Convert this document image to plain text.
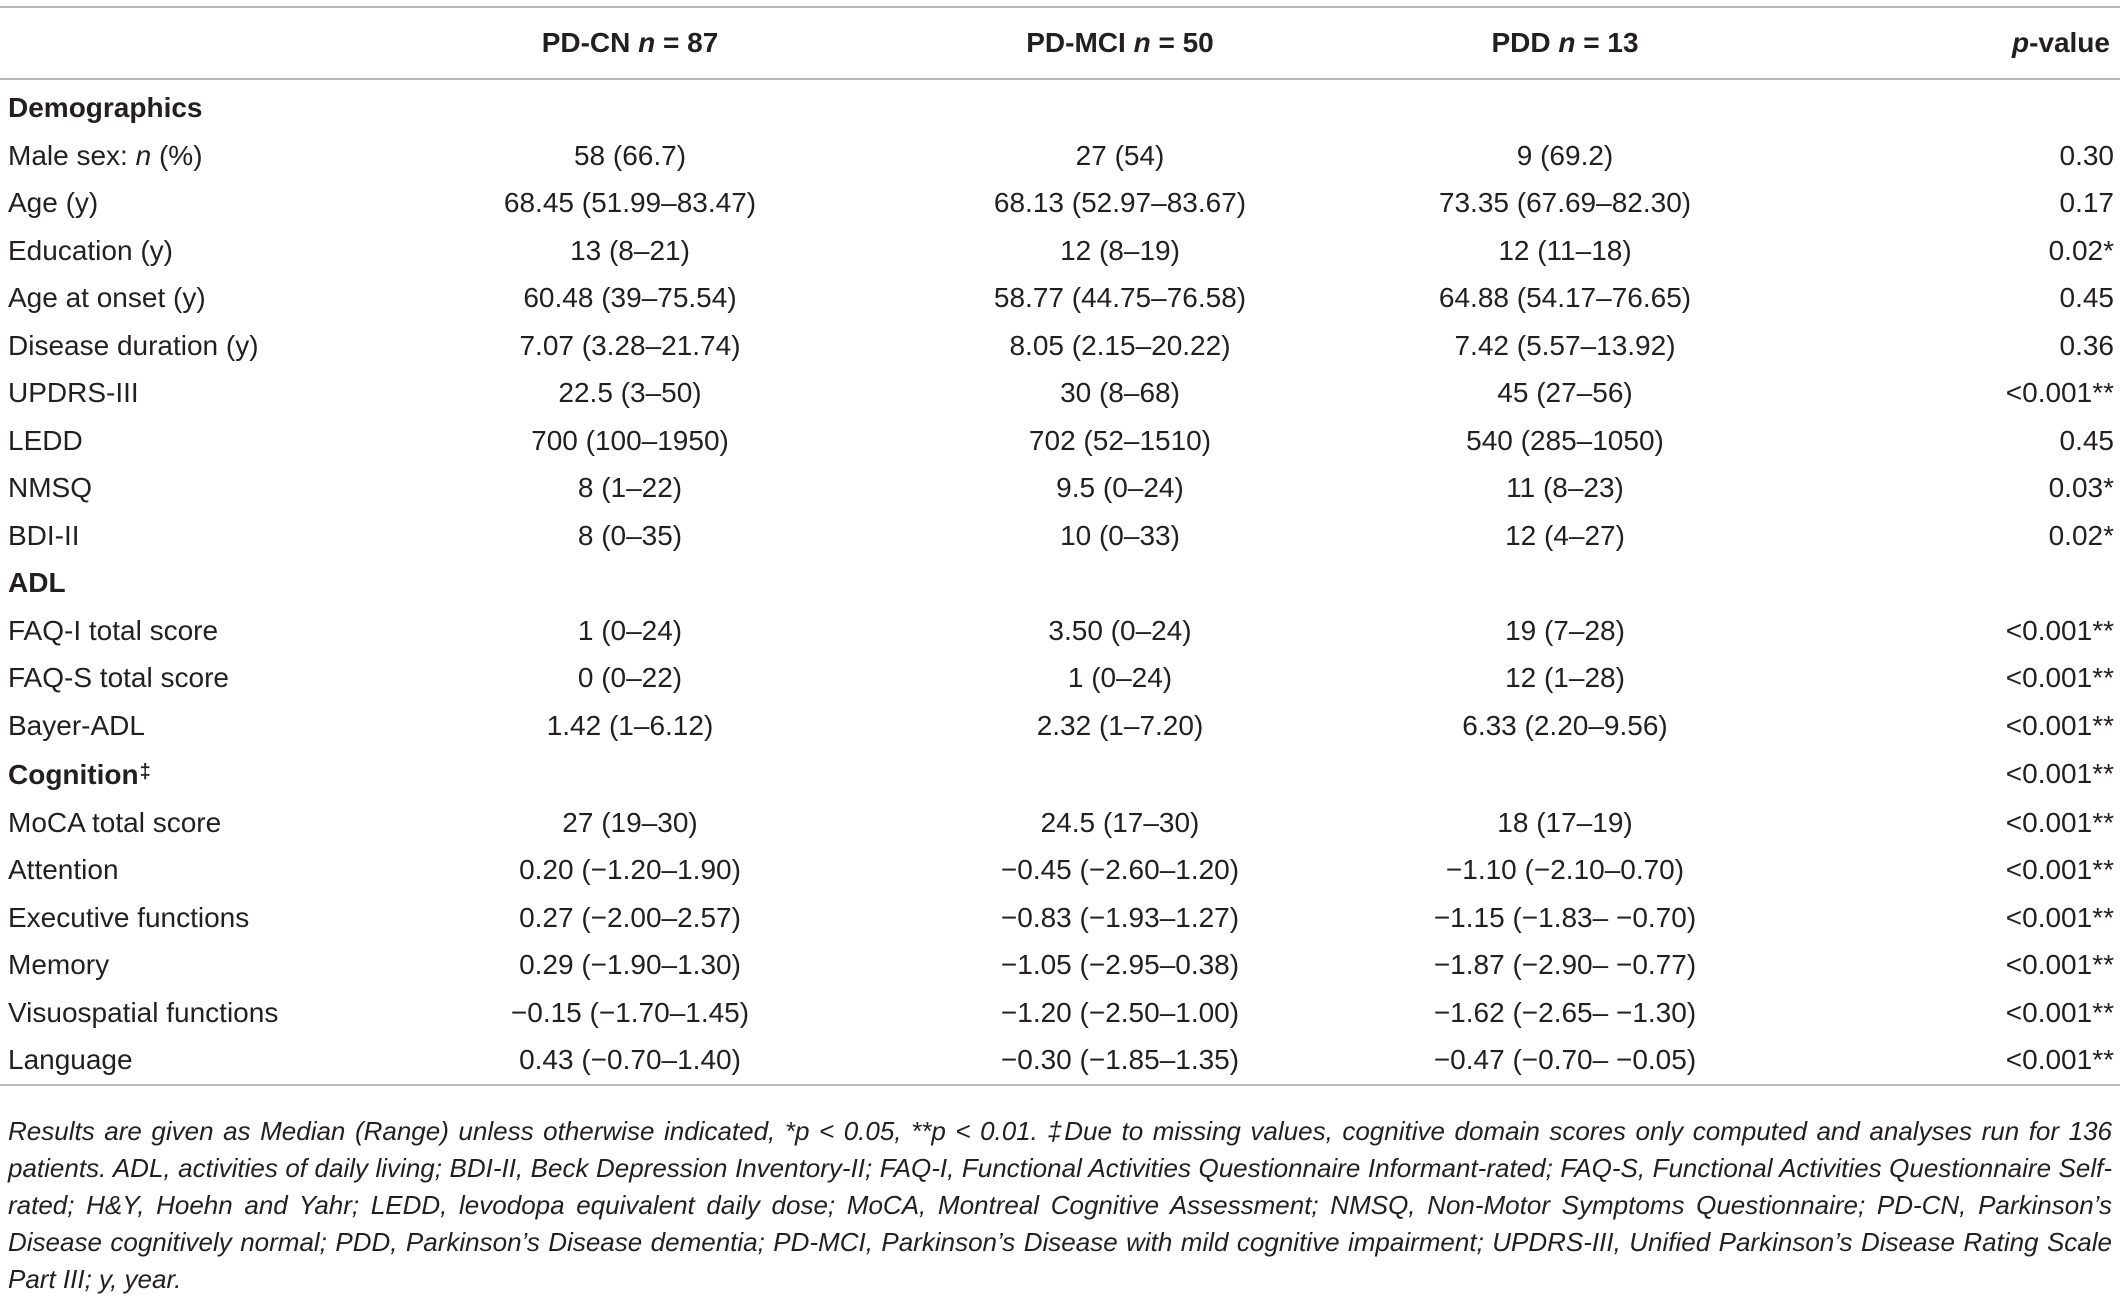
	PD-CN n = 87	PD-MCI n = 50	PDD n = 13	p-value
Demographics				
Male sex: n (%)	58 (66.7)	27 (54)	9 (69.2)	0.30
Age (y)	68.45 (51.99–83.47)	68.13 (52.97–83.67)	73.35 (67.69–82.30)	0.17
Education (y)	13 (8–21)	12 (8–19)	12 (11–18)	0.02*
Age at onset (y)	60.48 (39–75.54)	58.77 (44.75–76.58)	64.88 (54.17–76.65)	0.45
Disease duration (y)	7.07 (3.28–21.74)	8.05 (2.15–20.22)	7.42 (5.57–13.92)	0.36
UPDRS-III	22.5 (3–50)	30 (8–68)	45 (27–56)	<0.001**
LEDD	700 (100–1950)	702 (52–1510)	540 (285–1050)	0.45
NMSQ	8 (1–22)	9.5 (0–24)	11 (8–23)	0.03*
BDI-II	8 (0–35)	10 (0–33)	12 (4–27)	0.02*
ADL				
FAQ-I total score	1 (0–24)	3.50 (0–24)	19 (7–28)	<0.001**
FAQ-S total score	0 (0–22)	1 (0–24)	12 (1–28)	<0.001**
Bayer-ADL	1.42 (1–6.12)	2.32 (1–7.20)	6.33 (2.20–9.56)	<0.001**
Cognition‡				<0.001**
MoCA total score	27 (19–30)	24.5 (17–30)	18 (17–19)	<0.001**
Attention	0.20 (−1.20–1.90)	−0.45 (−2.60–1.20)	−1.10 (−2.10–0.70)	<0.001**
Executive functions	0.27 (−2.00–2.57)	−0.83 (−1.93–1.27)	−1.15 (−1.83– −0.70)	<0.001**
Memory	0.29 (−1.90–1.30)	−1.05 (−2.95–0.38)	−1.87 (−2.90– −0.77)	<0.001**
Visuospatial functions	−0.15 (−1.70–1.45)	−1.20 (−2.50–1.00)	−1.62 (−2.65– −1.30)	<0.001**
Language	0.43 (−0.70–1.40)	−0.30 (−1.85–1.35)	−0.47 (−0.70– −0.05)	<0.001**
Results are given as Median (Range) unless otherwise indicated, *p < 0.05, **p < 0.01. ‡Due to missing values, cognitive domain scores only computed and analyses run for 136 patients. ADL, activities of daily living; BDI-II, Beck Depression Inventory-II; FAQ-I, Functional Activities Questionnaire Informant-rated; FAQ-S, Functional Activities Questionnaire Self-rated; H&Y, Hoehn and Yahr; LEDD, levodopa equivalent daily dose; MoCA, Montreal Cognitive Assessment; NMSQ, Non-Motor Symptoms Questionnaire; PD-CN, Parkinson’s Disease cognitively normal; PDD, Parkinson’s Disease dementia; PD-MCI, Parkinson’s Disease with mild cognitive impairment; UPDRS-III, Unified Parkinson’s Disease Rating Scale Part III; y, year.
